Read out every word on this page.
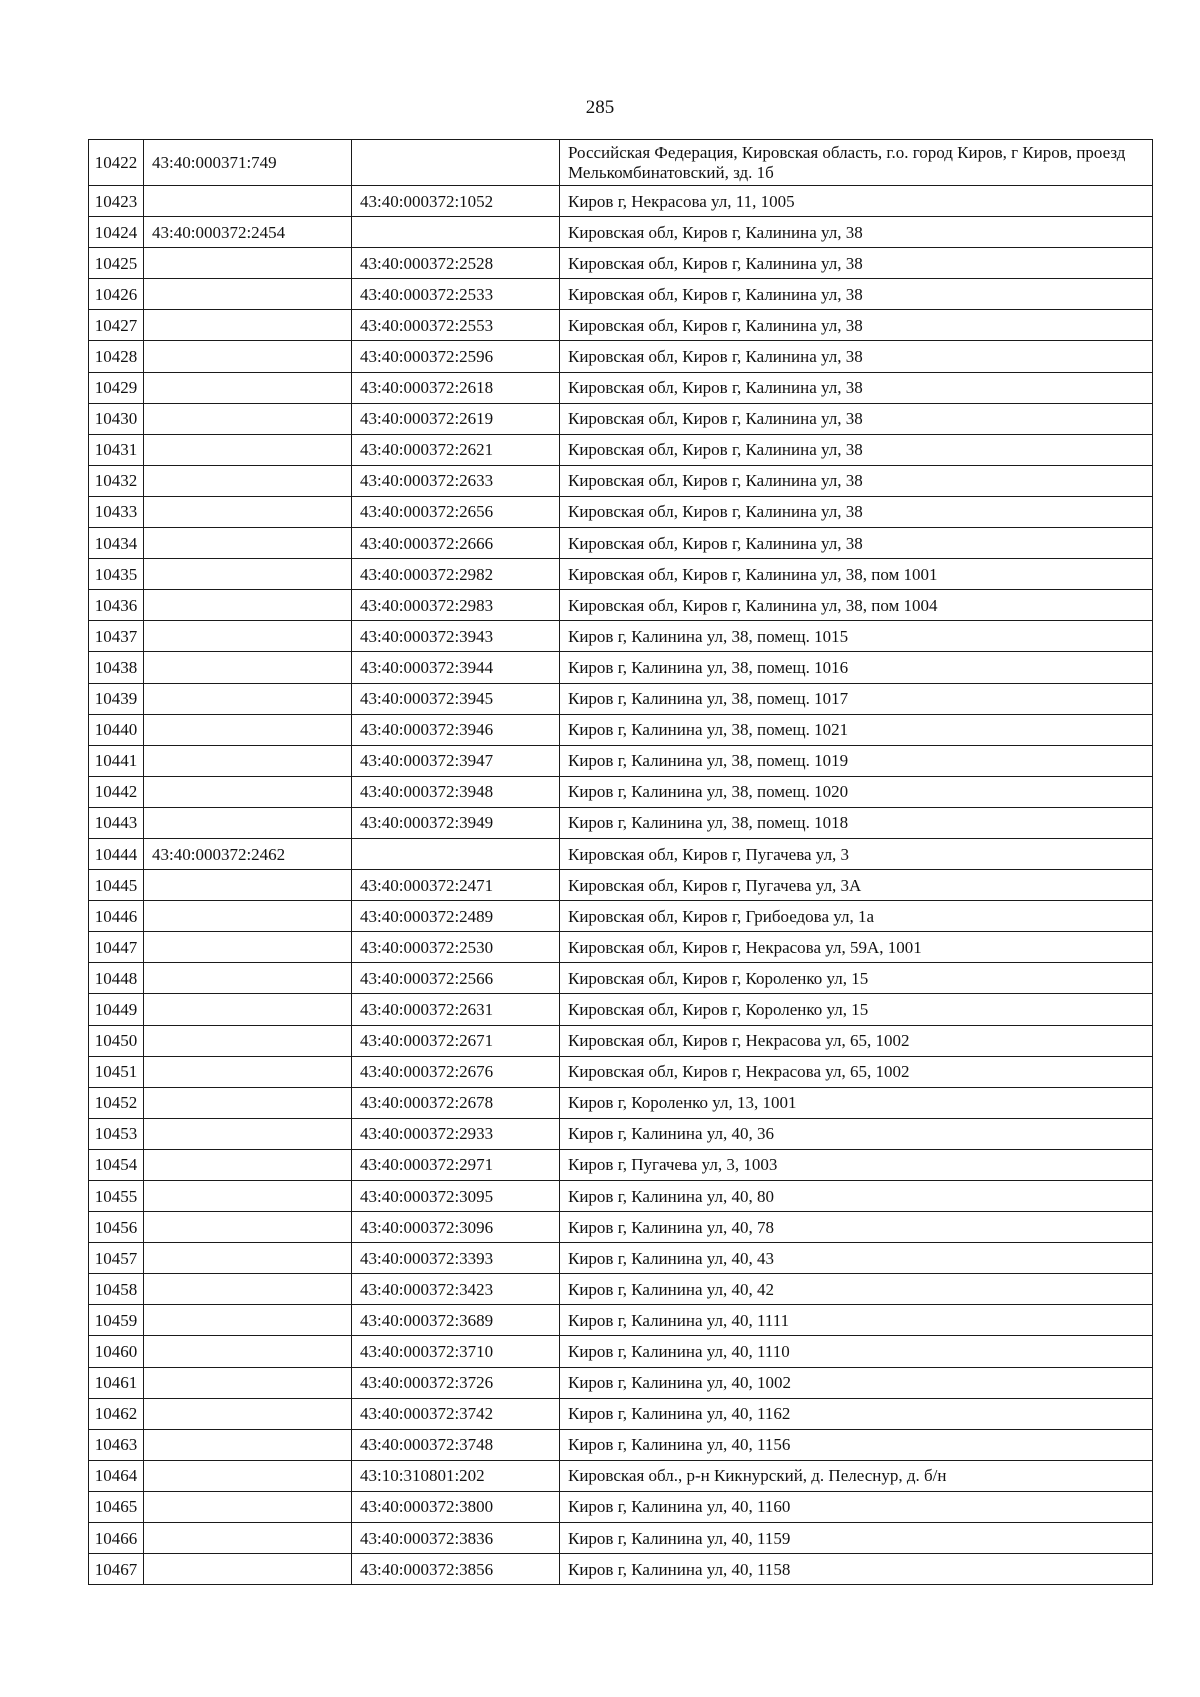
285
10422	43:40:000371:749		Российская Федерация, Кировская область, г.о. город Киров, г Киров, проезд Мелькомбинатовский, зд. 1б
10423		43:40:000372:1052	Киров г, Некрасова ул, 11, 1005
10424	43:40:000372:2454		Кировская обл, Киров г, Калинина ул, 38
10425		43:40:000372:2528	Кировская обл, Киров г, Калинина ул, 38
10426		43:40:000372:2533	Кировская обл, Киров г, Калинина ул, 38
10427		43:40:000372:2553	Кировская обл, Киров г, Калинина ул, 38
10428		43:40:000372:2596	Кировская обл, Киров г, Калинина ул, 38
10429		43:40:000372:2618	Кировская обл, Киров г, Калинина ул, 38
10430		43:40:000372:2619	Кировская обл, Киров г, Калинина ул, 38
10431		43:40:000372:2621	Кировская обл, Киров г, Калинина ул, 38
10432		43:40:000372:2633	Кировская обл, Киров г, Калинина ул, 38
10433		43:40:000372:2656	Кировская обл, Киров г, Калинина ул, 38
10434		43:40:000372:2666	Кировская обл, Киров г, Калинина ул, 38
10435		43:40:000372:2982	Кировская обл, Киров г, Калинина ул, 38, пом 1001
10436		43:40:000372:2983	Кировская обл, Киров г, Калинина ул, 38, пом 1004
10437		43:40:000372:3943	Киров г, Калинина ул, 38, помещ. 1015
10438		43:40:000372:3944	Киров г, Калинина ул, 38, помещ. 1016
10439		43:40:000372:3945	Киров г, Калинина ул, 38, помещ. 1017
10440		43:40:000372:3946	Киров г, Калинина ул, 38, помещ. 1021
10441		43:40:000372:3947	Киров г, Калинина ул, 38, помещ. 1019
10442		43:40:000372:3948	Киров г, Калинина ул, 38, помещ. 1020
10443		43:40:000372:3949	Киров г, Калинина ул, 38, помещ. 1018
10444	43:40:000372:2462		Кировская обл, Киров г, Пугачева ул, 3
10445		43:40:000372:2471	Кировская обл, Киров г, Пугачева ул, 3А
10446		43:40:000372:2489	Кировская обл, Киров г, Грибоедова ул, 1а
10447		43:40:000372:2530	Кировская обл, Киров г, Некрасова ул, 59А, 1001
10448		43:40:000372:2566	Кировская обл, Киров г, Короленко ул, 15
10449		43:40:000372:2631	Кировская обл, Киров г, Короленко ул, 15
10450		43:40:000372:2671	Кировская обл, Киров г, Некрасова ул, 65, 1002
10451		43:40:000372:2676	Кировская обл, Киров г, Некрасова ул, 65, 1002
10452		43:40:000372:2678	Киров г, Короленко ул, 13, 1001
10453		43:40:000372:2933	Киров г, Калинина ул, 40, 36
10454		43:40:000372:2971	Киров г, Пугачева ул, 3, 1003
10455		43:40:000372:3095	Киров г, Калинина ул, 40, 80
10456		43:40:000372:3096	Киров г, Калинина ул, 40, 78
10457		43:40:000372:3393	Киров г, Калинина ул, 40, 43
10458		43:40:000372:3423	Киров г, Калинина ул, 40, 42
10459		43:40:000372:3689	Киров г, Калинина ул, 40, 1111
10460		43:40:000372:3710	Киров г, Калинина ул, 40, 1110
10461		43:40:000372:3726	Киров г, Калинина ул, 40, 1002
10462		43:40:000372:3742	Киров г, Калинина ул, 40, 1162
10463		43:40:000372:3748	Киров г, Калинина ул, 40, 1156
10464		43:10:310801:202	Кировская обл., р-н Кикнурский, д. Пелеснур, д. б/н
10465		43:40:000372:3800	Киров г, Калинина ул, 40, 1160
10466		43:40:000372:3836	Киров г, Калинина ул, 40, 1159
10467		43:40:000372:3856	Киров г, Калинина ул, 40, 1158
